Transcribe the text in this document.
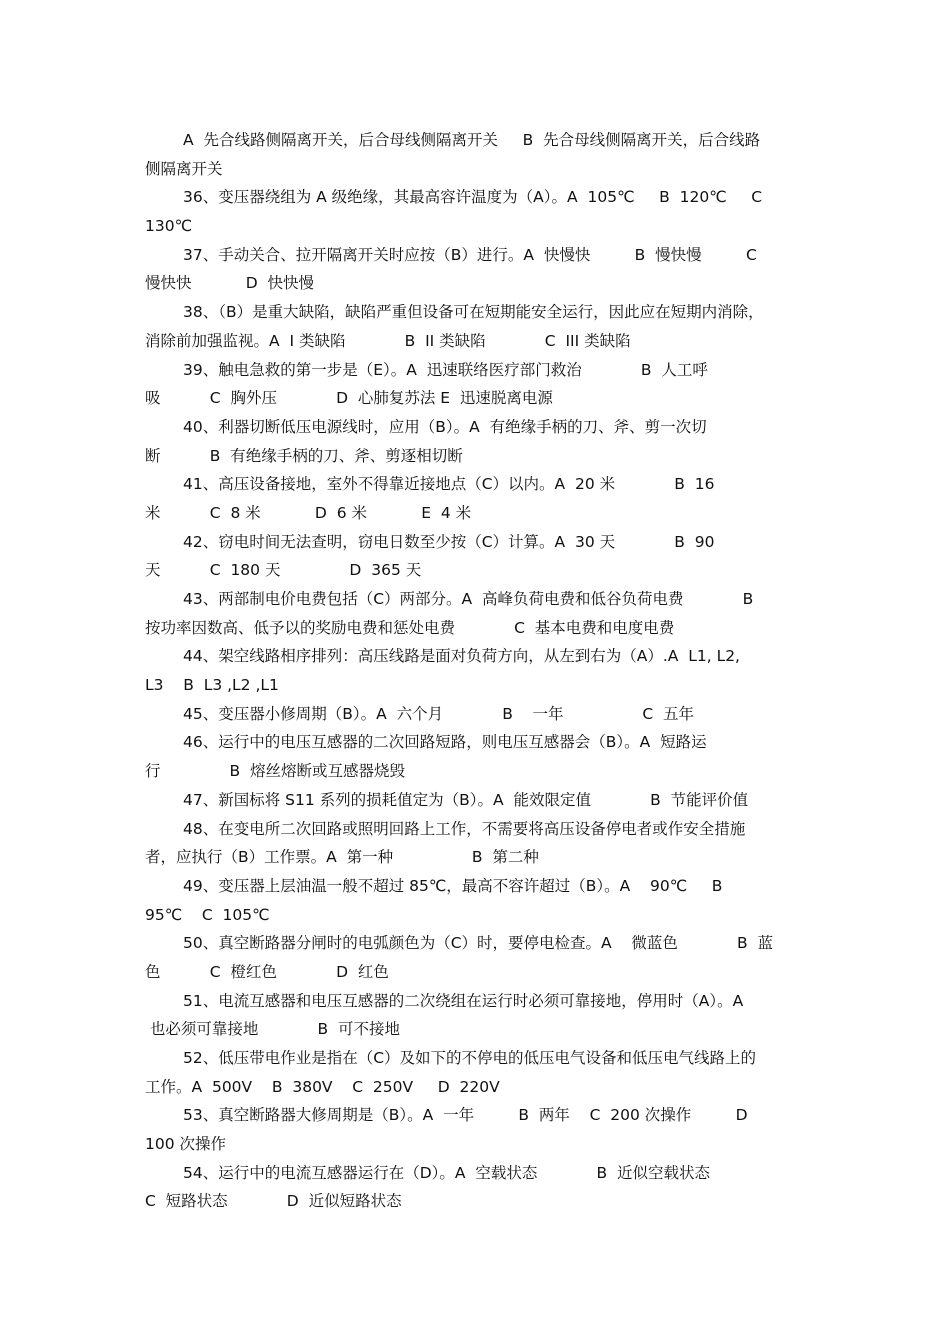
A  先合线路侧隔离开关，后合母线侧隔离开关     B  先合母线侧隔离开关，后合线路
侧隔离开关
36、变压器绕组为 A 级绝缘，其最高容许温度为（A）。A  105℃     B  120℃     C
130℃
37、手动关合、拉开隔离开关时应按（B）进行。A  快慢快         B  慢快慢         C
慢快快           D  快快慢
38、（B）是重大缺陷，缺陷严重但设备可在短期能安全运行，因此应在短期内消除，
消除前加强监视。A  I 类缺陷            B  II 类缺陷            C  III 类缺陷
39、触电急救的第一步是（E）。A  迅速联络医疗部门救治            B  人工呼
吸          C  胸外压            D  心肺复苏法 E  迅速脱离电源
40、利器切断低压电源线时，应用（B）。A  有绝缘手柄的刀、斧、剪一次切
断          B  有绝缘手柄的刀、斧、剪逐相切断
41、高压设备接地，室外不得靠近接地点（C）以内。A  20 米            B  16
米          C  8 米           D  6 米           E  4 米
42、窃电时间无法查明，窃电日数至少按（C）计算。A  30 天            B  90
天          C  180 天              D  365 天
43、两部制电价电费包括（C）两部分。A  高峰负荷电费和低谷负荷电费            B
按功率因数高、低予以的奖励电费和惩处电费            C  基本电费和电度电费
44、架空线路相序排列：高压线路是面对负荷方向，从左到右为（A）.A  L1, L2,
L3    B  L3 ,L2 ,L1
45、变压器小修周期（B）。A  六个月            B    一年                C  五年
46、运行中的电压互感器的二次回路短路，则电压互感器会（B）。A  短路运
行              B  熔丝熔断或互感器烧毁
47、新国标将 S11 系列的损耗值定为（B）。A  能效限定值            B  节能评价值
48、在变电所二次回路或照明回路上工作，不需要将高压设备停电者或作安全措施
者，应执行（B）工作票。A  第一种                B  第二种
49、变压器上层油温一般不超过 85℃，最高不容许超过（B）。A    90℃     B
95℃    C  105℃
50、真空断路器分闸时的电弧颜色为（C）时，要停电检查。A    微蓝色            B  蓝
色          C  橙红色            D  红色
51、电流互感器和电压互感器的二次绕组在运行时必须可靠接地，停用时（A）。A
也必须可靠接地            B  可不接地
52、低压带电作业是指在（C）及如下的不停电的低压电气设备和低压电气线路上的
工作。A  500V    B  380V    C  250V     D  220V
53、真空断路器大修周期是（B）。A  一年         B  两年    C  200 次操作         D
100 次操作
54、运行中的电流互感器运行在（D）。A  空载状态            B  近似空载状态
C  短路状态            D  近似短路状态
